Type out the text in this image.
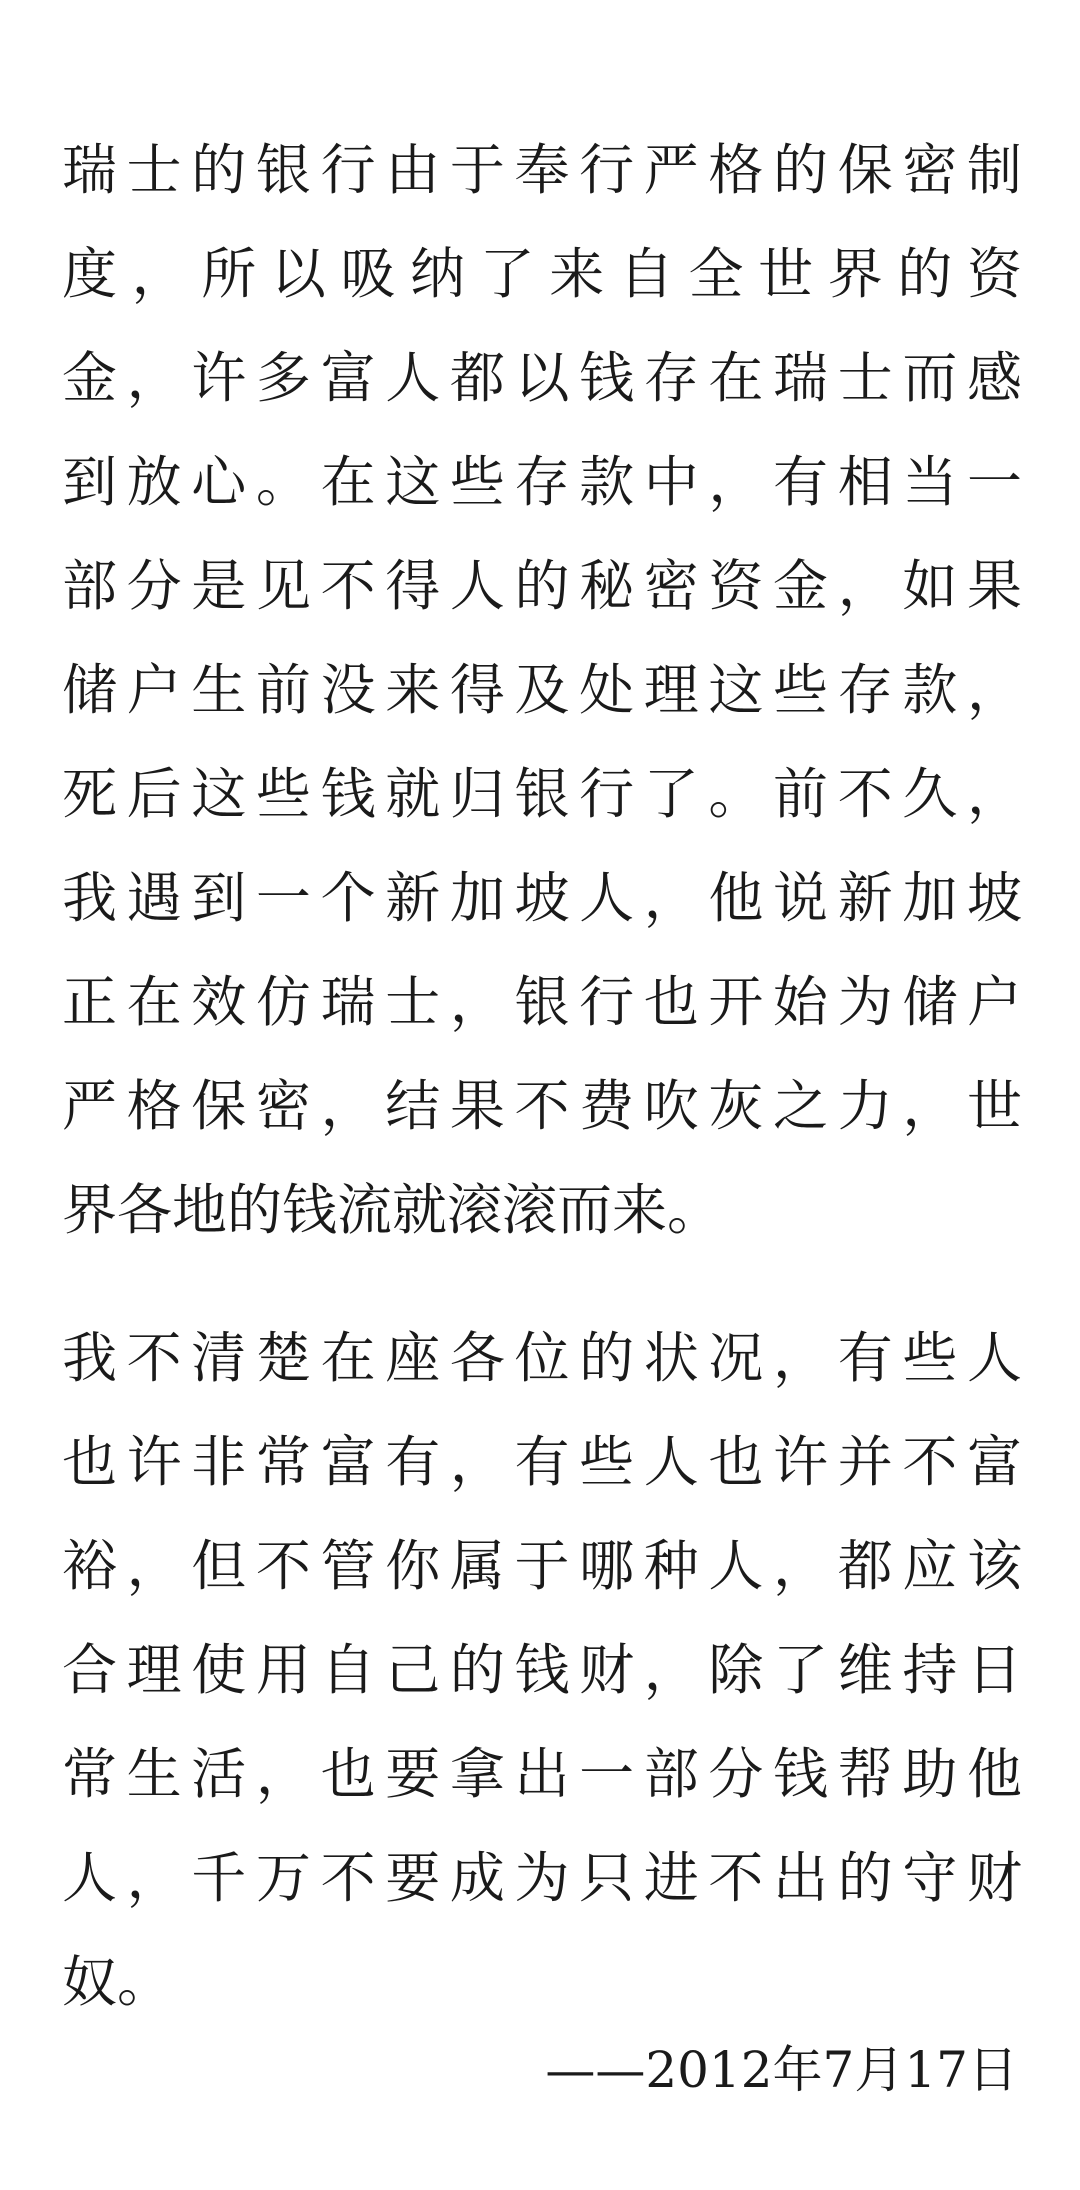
瑞士的银行由于奉行严格的保密制
度，所以吸纳了来自全世界的资
金，许多富人都以钱存在瑞士而感
到放心。在这些存款中，有相当一
部分是见不得人的秘密资金，如果
储户生前没来得及处理这些存款，
死后这些钱就归银行了。前不久，
我遇到一个新加坡人，他说新加坡
正在效仿瑞士，银行也开始为储户
严格保密，结果不费吹灰之力，世
界各地的钱流就滚滚而来。

我不清楚在座各位的状况，有些人
也许非常富有，有些人也许并不富
裕，但不管你属于哪种人，都应该
合理使用自己的钱财，除了维持日
常生活，也要拿出一部分钱帮助他
人，千万不要成为只进不出的守财
奴。

——2012年7月17日
